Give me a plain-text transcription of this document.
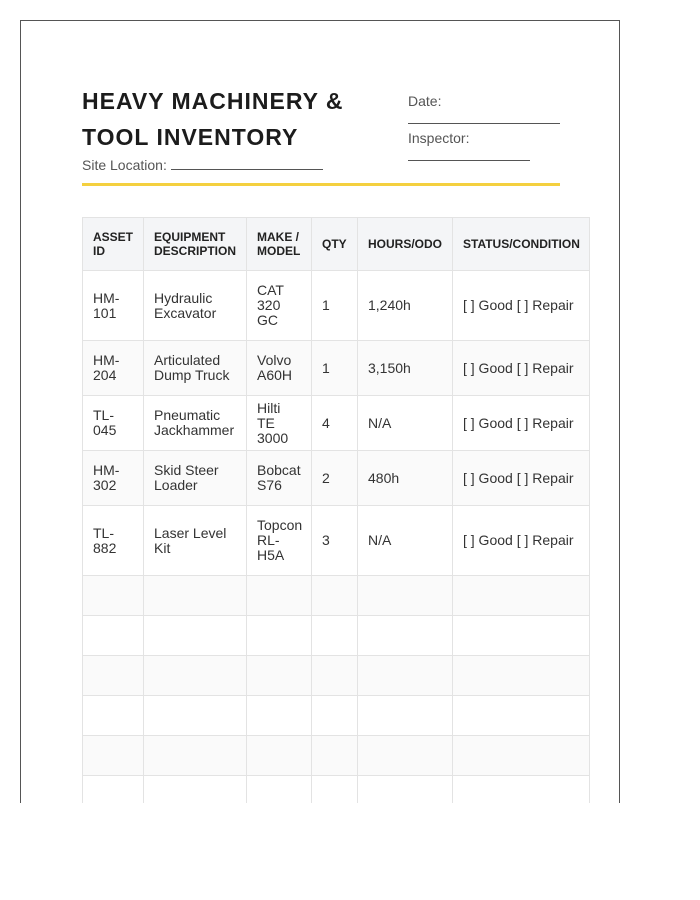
HEAVY MACHINERY & TOOL INVENTORY
Site Location:
Date:
Inspector:
ASSET ID	EQUIPMENT DESCRIPTION	MAKE / MODEL	QTY	HOURS/ODO	STATUS/CONDITION
HM-101	Hydraulic Excavator	CAT 320 GC	1	1,240h	[ ] Good [ ] Repair
HM-204	Articulated Dump Truck	Volvo A60H	1	3,150h	[ ] Good [ ] Repair
TL-045	Pneumatic Jackhammer	Hilti TE 3000	4	N/A	[ ] Good [ ] Repair
HM-302	Skid Steer Loader	Bobcat S76	2	480h	[ ] Good [ ] Repair
TL-882	Laser Level Kit	Topcon RL-H5A	3	N/A	[ ] Good [ ] Repair
